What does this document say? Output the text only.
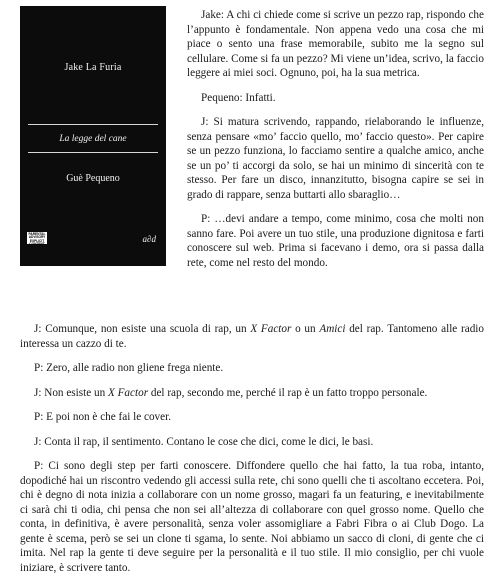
Jake La Furia
La legge del cane
Guè Pequeno
PARENTAL ADVISORY EXPLICIT CONTENT
a∂d

Jake: A chi ci chiede come si scrive un pezzo rap, rispondo che l’appunto è fondamentale. Non appena vedo una cosa che mi piace o sento una frase memorabile, subito me la segno sul cellulare. Come si fa un pezzo? Mi viene un’idea, scrivo, la faccio leggere ai miei soci. Ognuno, poi, ha la sua metrica.

Pequeno: Infatti.

J: Si matura scrivendo, rappando, rielaborando le influenze, senza pensare «mo’ faccio quello, mo’ faccio questo». Per capire se un pezzo funziona, lo facciamo sentire a qualche amico, anche se un po’ ti accorgi da solo, se hai un minimo di sincerità con te stesso. Per fare un disco, innanzitutto, bisogna capire se sei in grado di rappare, senza buttarti allo sbaraglio…

P: …devi andare a tempo, come minimo, cosa che molti non sanno fare. Poi avere un tuo stile, una produzione dignitosa e farti conoscere sul web. Prima si facevano i demo, ora si passa dalla rete, come nel resto del mondo.

J: Comunque, non esiste una scuola di rap, un X Factor o un Amici del rap. Tantomeno alle radio interessa un cazzo di te.

P: Zero, alle radio non gliene frega niente.

J: Non esiste un X Factor del rap, secondo me, perché il rap è un fatto troppo personale.

P: E poi non è che fai le cover.

J: Conta il rap, il sentimento. Contano le cose che dici, come le dici, le basi.

P: Ci sono degli step per farti conoscere. Diffondere quello che hai fatto, la tua roba, intanto, dopodiché hai un riscontro vedendo gli accessi sulla rete, chi sono quelli che ti ascoltano eccetera. Poi, chi è degno di nota inizia a collaborare con un nome grosso, magari fa un featuring, e inevitabilmente ci sarà chi ti odia, chi pensa che non sei all’altezza di collaborare con quel grosso nome. Quello che conta, in definitiva, è avere personalità, senza voler assomigliare a Fabri Fibra o ai Club Dogo. La gente è scema, però se sei un clone ti sgama, lo sente. Noi abbiamo un sacco di cloni, di gente che ci imita. Nel rap la gente ti deve seguire per la personalità e il tuo stile. Il mio consiglio, per chi vuole iniziare, è scrivere tanto.
